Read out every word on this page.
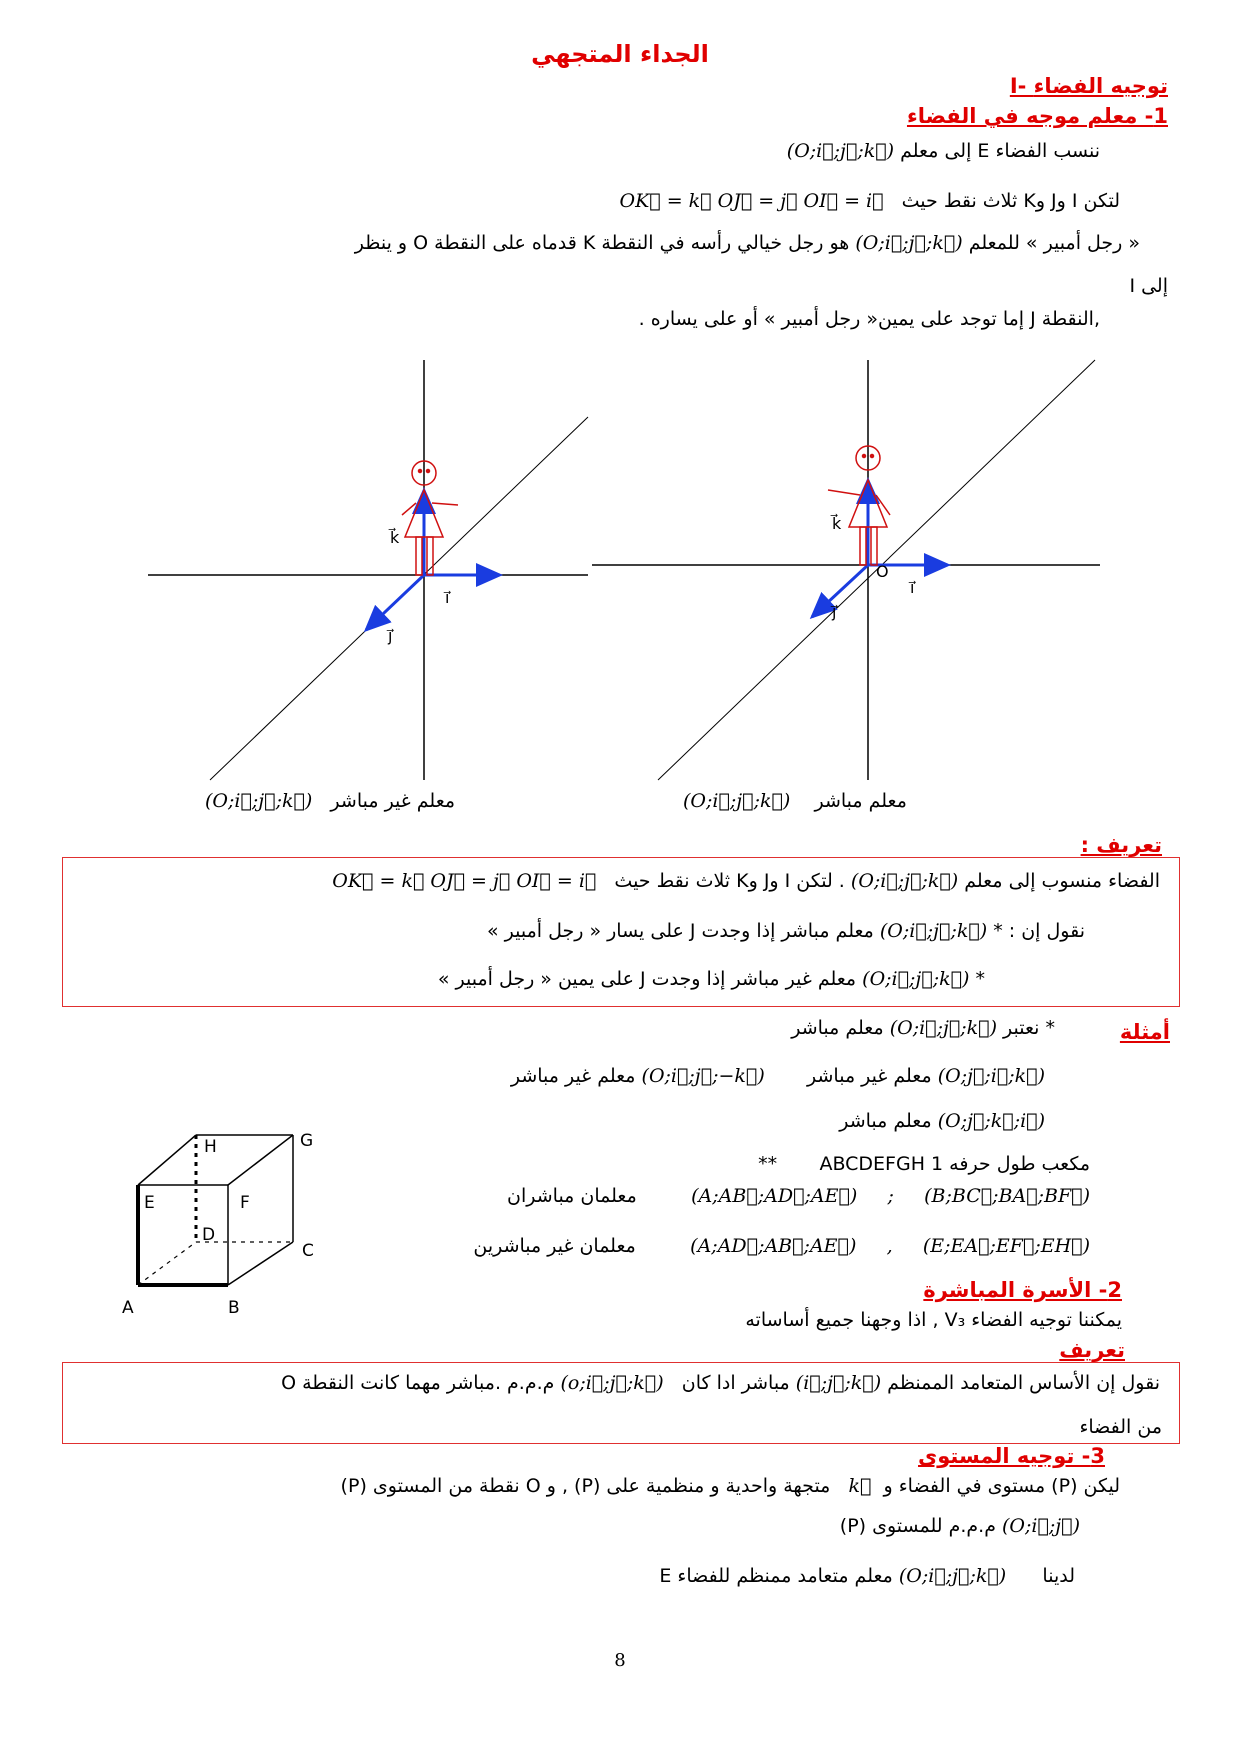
الجداء المتجهي
I- توجيه الفضاء
1- معلم موجه في الفضاء
ننسب الفضاء E إلى معلم (O;i⃗;j⃗;k⃗)
لتكن I وJ وK ثلاث نقط حيث   OK⃗ = k⃗ OJ⃗ = j⃗ OI⃗ = i⃗
« رجل أمبير » للمعلم (O;i⃗;j⃗;k⃗) هو رجل خيالي رأسه في النقطة K قدماه على النقطة O و ينظر
إلى I
,النقطة J إما توجد على يمين« رجل أمبير » أو على يساره .
k⃗
i⃗
j⃗
k⃗
O
i⃗
j⃗
معلم غير مباشر   (O;i⃗;j⃗;k⃗)	معلم مباشر    (O;i⃗;j⃗;k⃗)
تعريف :
الفضاء منسوب إلى معلم (O;i⃗;j⃗;k⃗) . لتكن I وJ وK ثلاث نقط حيث   OK⃗ = k⃗ OJ⃗ = j⃗ OI⃗ = i⃗
نقول إن : * (O;i⃗;j⃗;k⃗) معلم مباشر إذا وجدت J على يسار « رجل أمبير »
* (O;i⃗;j⃗;k⃗) معلم غير مباشر إذا وجدت J على يمين « رجل أمبير »
أمثلة
* نعتبر (O;i⃗;j⃗;k⃗) معلم مباشر
(O;j⃗;i⃗;k⃗) معلم غير مباشر       (O;i⃗;j⃗;−k⃗) معلم غير مباشر
(O;j⃗;k⃗;i⃗) معلم مباشر
** ABCDEFGH مكعب طول حرفه 1
(B;BC⃗;BA⃗;BF⃗)     ;     (A;AB⃗;AD⃗;AE⃗)         معلمان مباشران
(E;EA⃗;EF⃗;EH⃗)     ,     (A;AD⃗;AB⃗;AE⃗)         معلمان غير مباشرين
H	G
E	F
D
C
A	B
2- الأسرة المباشرة
يمكننا توجيه الفضاء V₃ , اذا وجهنا جميع أساساته
تعريف
نقول إن الأساس المتعامد الممنظم (i⃗;j⃗;k⃗) مباشر ادا كان   (o;i⃗;j⃗;k⃗) م.م.م .مباشر مهما كانت النقطة O
من الفضاء
3- توجيه المستوى
ليكن (P) مستوى في الفضاء و  k⃗   متجهة واحدية و منظمية على (P) , و O نقطة من المستوى (P)
(O;i⃗;j⃗) م.م.م للمستوى (P)
لدينا      (O;i⃗;j⃗;k⃗) معلم متعامد ممنظم للفضاء E
8
